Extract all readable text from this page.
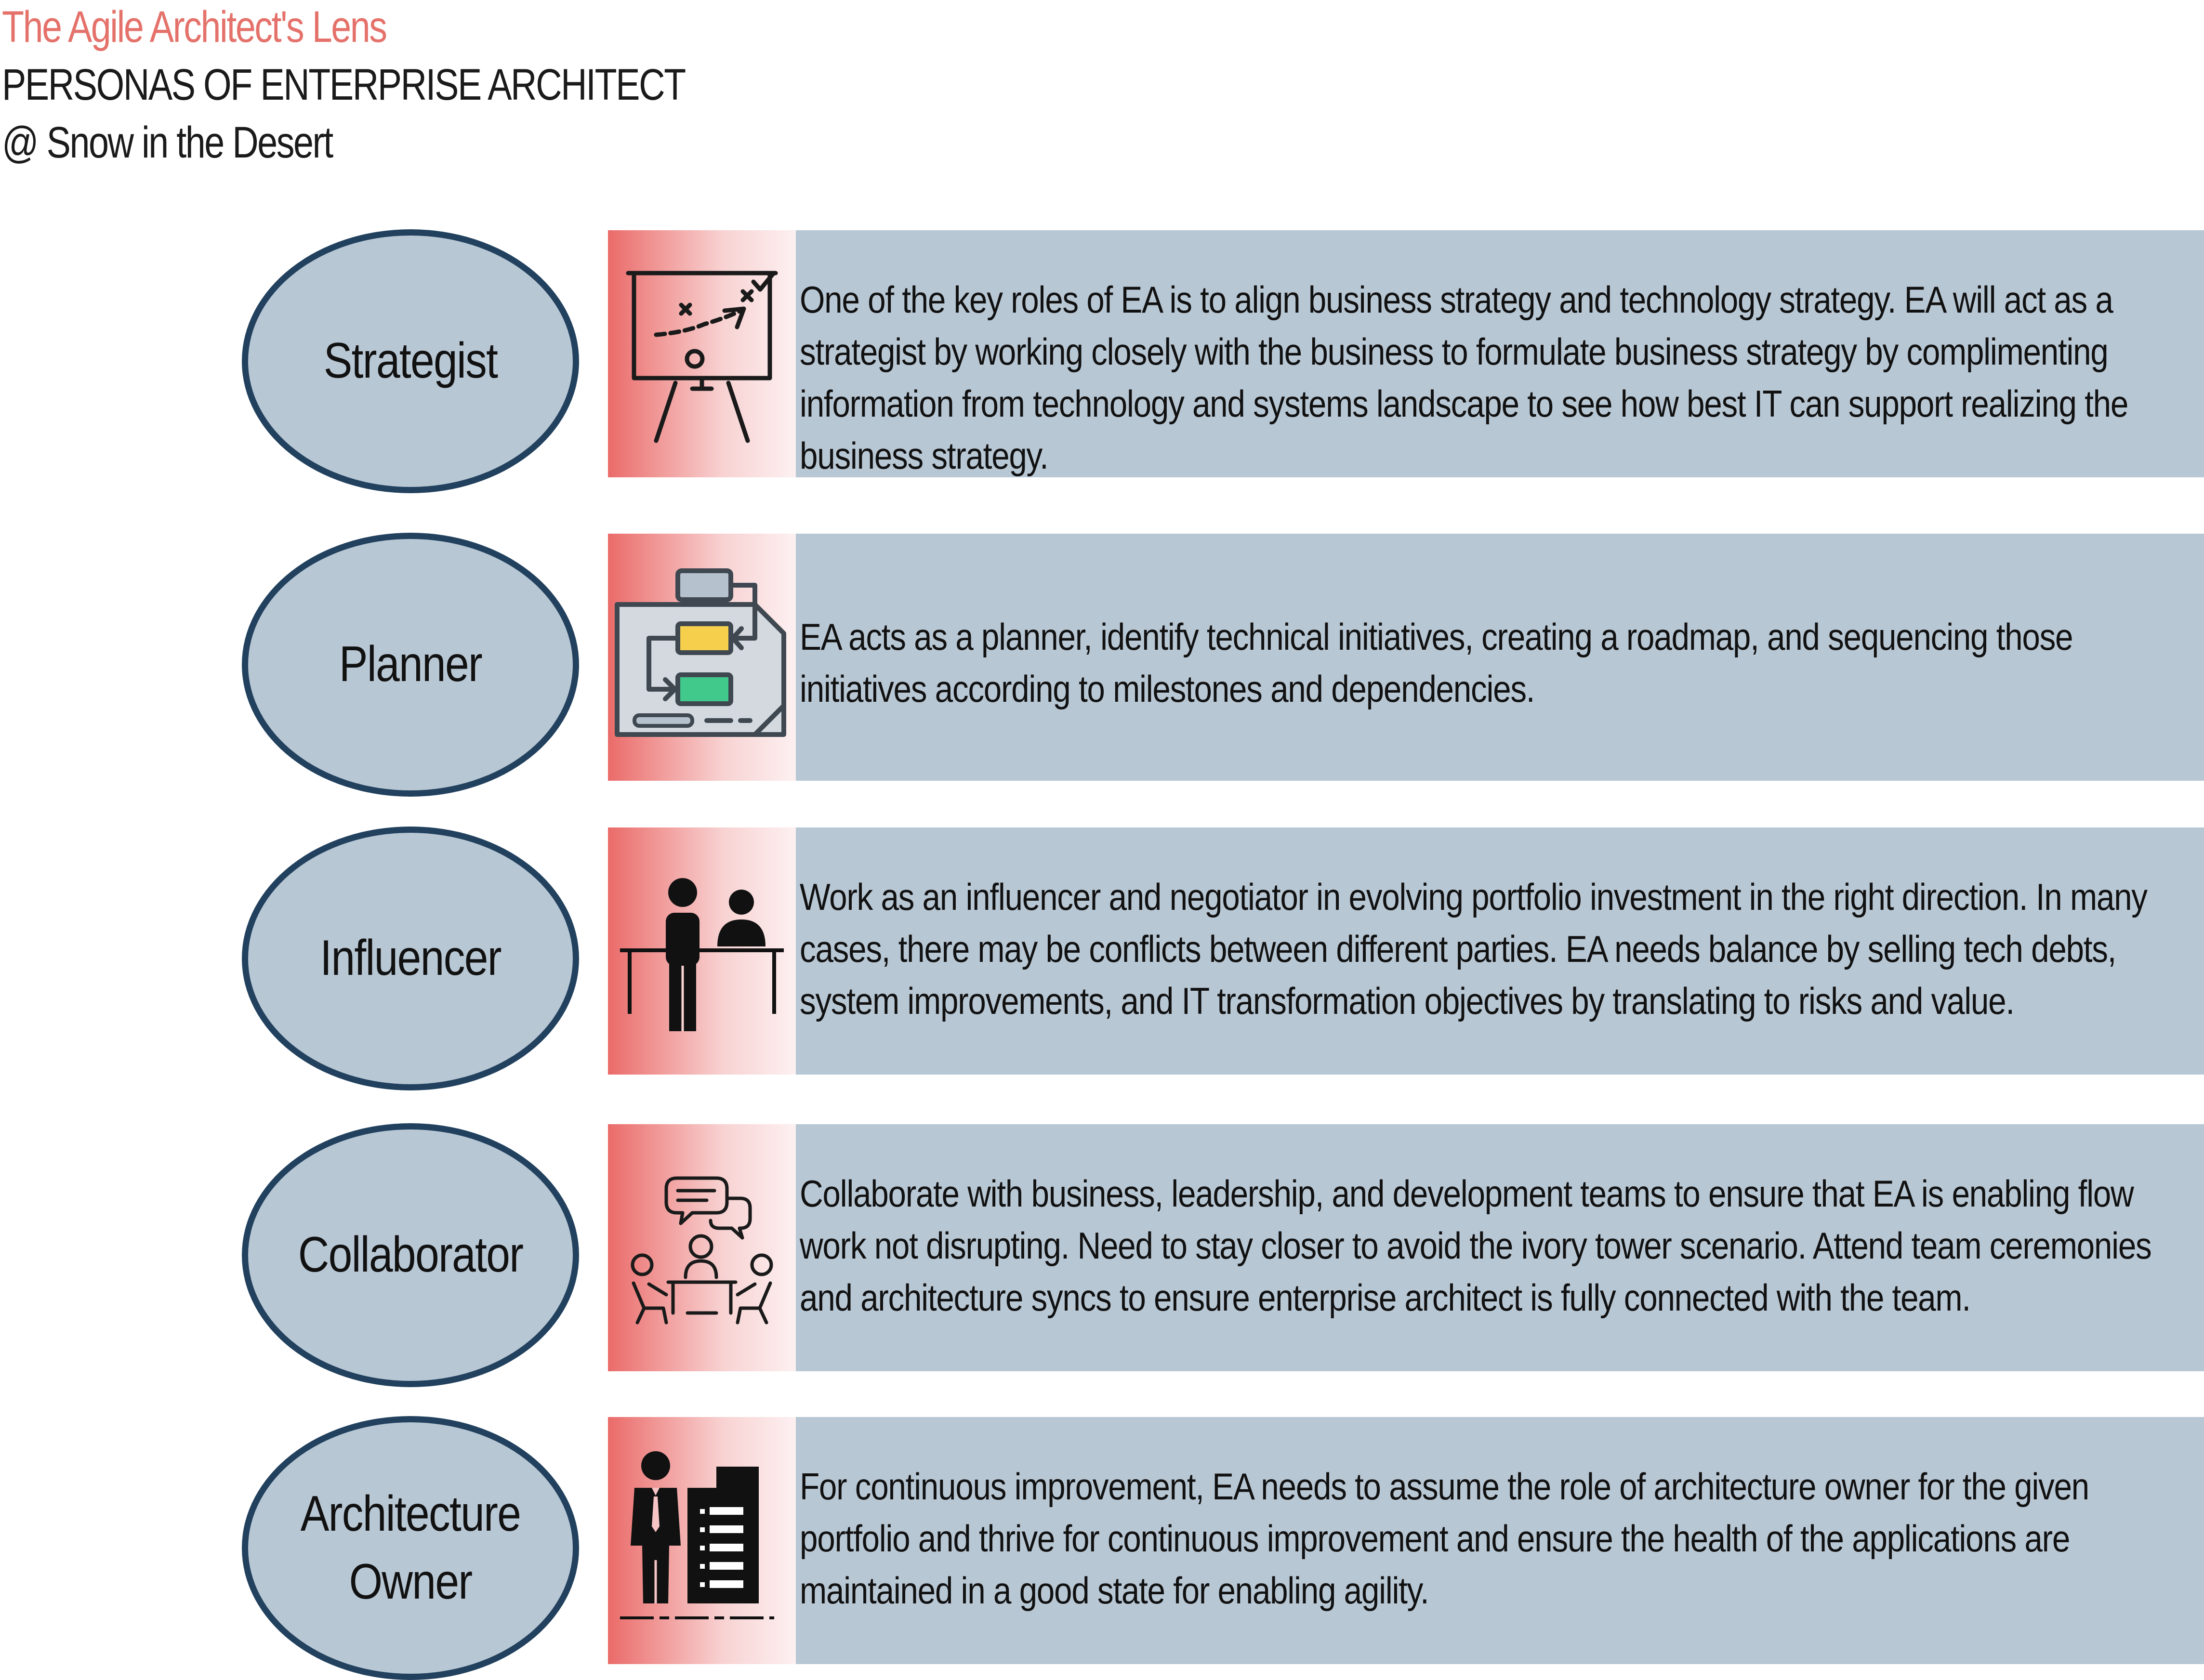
The Agile Architect's Lens
PERSONAS OF ENTERPRISE ARCHITECT
@ Snow in the Desert
Strategist

One of the key roles of EA is to align business strategy and technology strategy. EA will act as a strategist by working closely with the business to formulate business strategy by complimenting information from technology and systems landscape to see how best IT can support realizing the business strategy.

Planner	EA acts as a planner, identify technical initiatives, creating a roadmap, and sequencing those initiatives according to milestones and dependencies.

Influencer

Work as an influencer and negotiator in evolving portfolio investment in the right direction. In many cases, there may be conflicts between different parties. EA needs balance by selling tech debts, system improvements, and IT transformation objectives by translating to risks and value.

Collaborator

Collaborate with business, leadership, and development teams to ensure that EA is enabling flow work not disrupting. Need to stay closer to avoid the ivory tower scenario. Attend team ceremonies and architecture syncs to ensure enterprise architect is fully connected with the team.

Architecture Owner

For continuous improvement, EA needs to assume the role of architecture owner for the given portfolio and thrive for continuous improvement and ensure the health of the applications are maintained in a good state for enabling agility.
